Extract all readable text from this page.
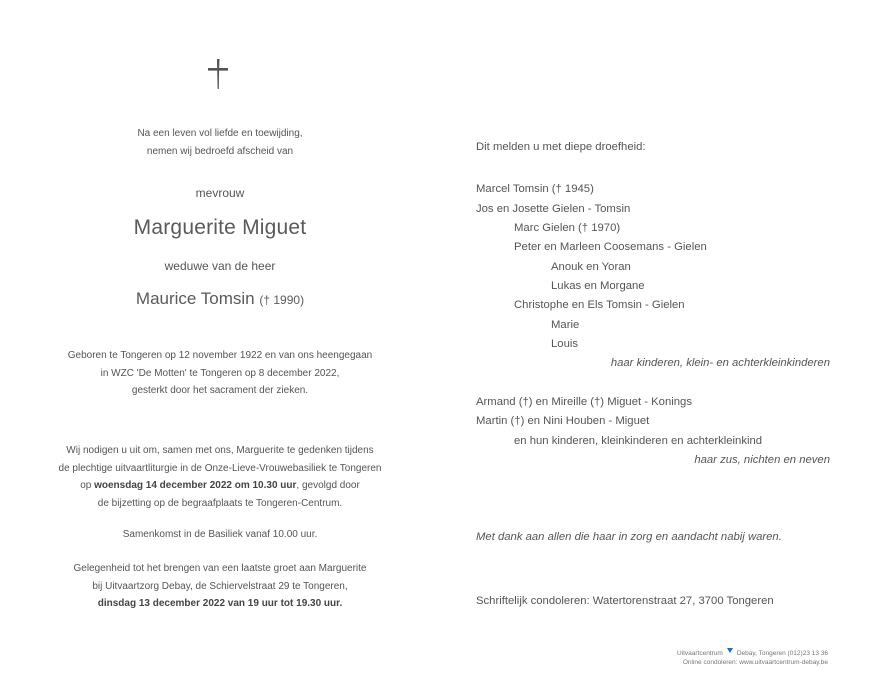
Na een leven vol liefde en toewijding,
nemen wij bedroefd afscheid van
mevrouw
Marguerite Miguet
weduwe van de heer
Maurice Tomsin († 1990)
Geboren te Tongeren op 12 november 1922 en van ons heengegaan
in WZC 'De Motten' te Tongeren op 8 december 2022,
gesterkt door het sacrament der zieken.
Wij nodigen u uit om, samen met ons, Marguerite te gedenken tijdens
de plechtige uitvaartliturgie in de Onze-Lieve-Vrouwebasiliek te Tongeren
op woensdag 14 december 2022 om 10.30 uur, gevolgd door
de bijzetting op de begraafplaats te Tongeren-Centrum.
Samenkomst in de Basiliek vanaf 10.00 uur.
Gelegenheid tot het brengen van een laatste groet aan Marguerite
bij Uitvaartzorg Debay, de Schiervelstraat 29 te Tongeren,
dinsdag 13 december 2022 van 19 uur tot 19.30 uur.
Dit melden u met diepe droefheid:
Marcel Tomsin († 1945)
Jos en Josette Gielen - Tomsin
Marc Gielen († 1970)
Peter en Marleen Coosemans - Gielen
Anouk en Yoran
Lukas en Morgane
Christophe en Els Tomsin - Gielen
Marie
Louis
haar kinderen, klein- en achterkleinkinderen
Armand (†) en Mireille (†) Miguet - Konings
Martin (†) en Nini Houben - Miguet
en hun kinderen, kleinkinderen en achterkleinkind
haar zus, nichten en neven
Met dank aan allen die haar in zorg en aandacht nabij waren.
Schriftelijk condoleren: Watertorenstraat 27, 3700 Tongeren
Uitvaartcentrum Debay, Tongeren (012)23 13 36
Online condoleren: www.uitvaartcentrum-debay.be
